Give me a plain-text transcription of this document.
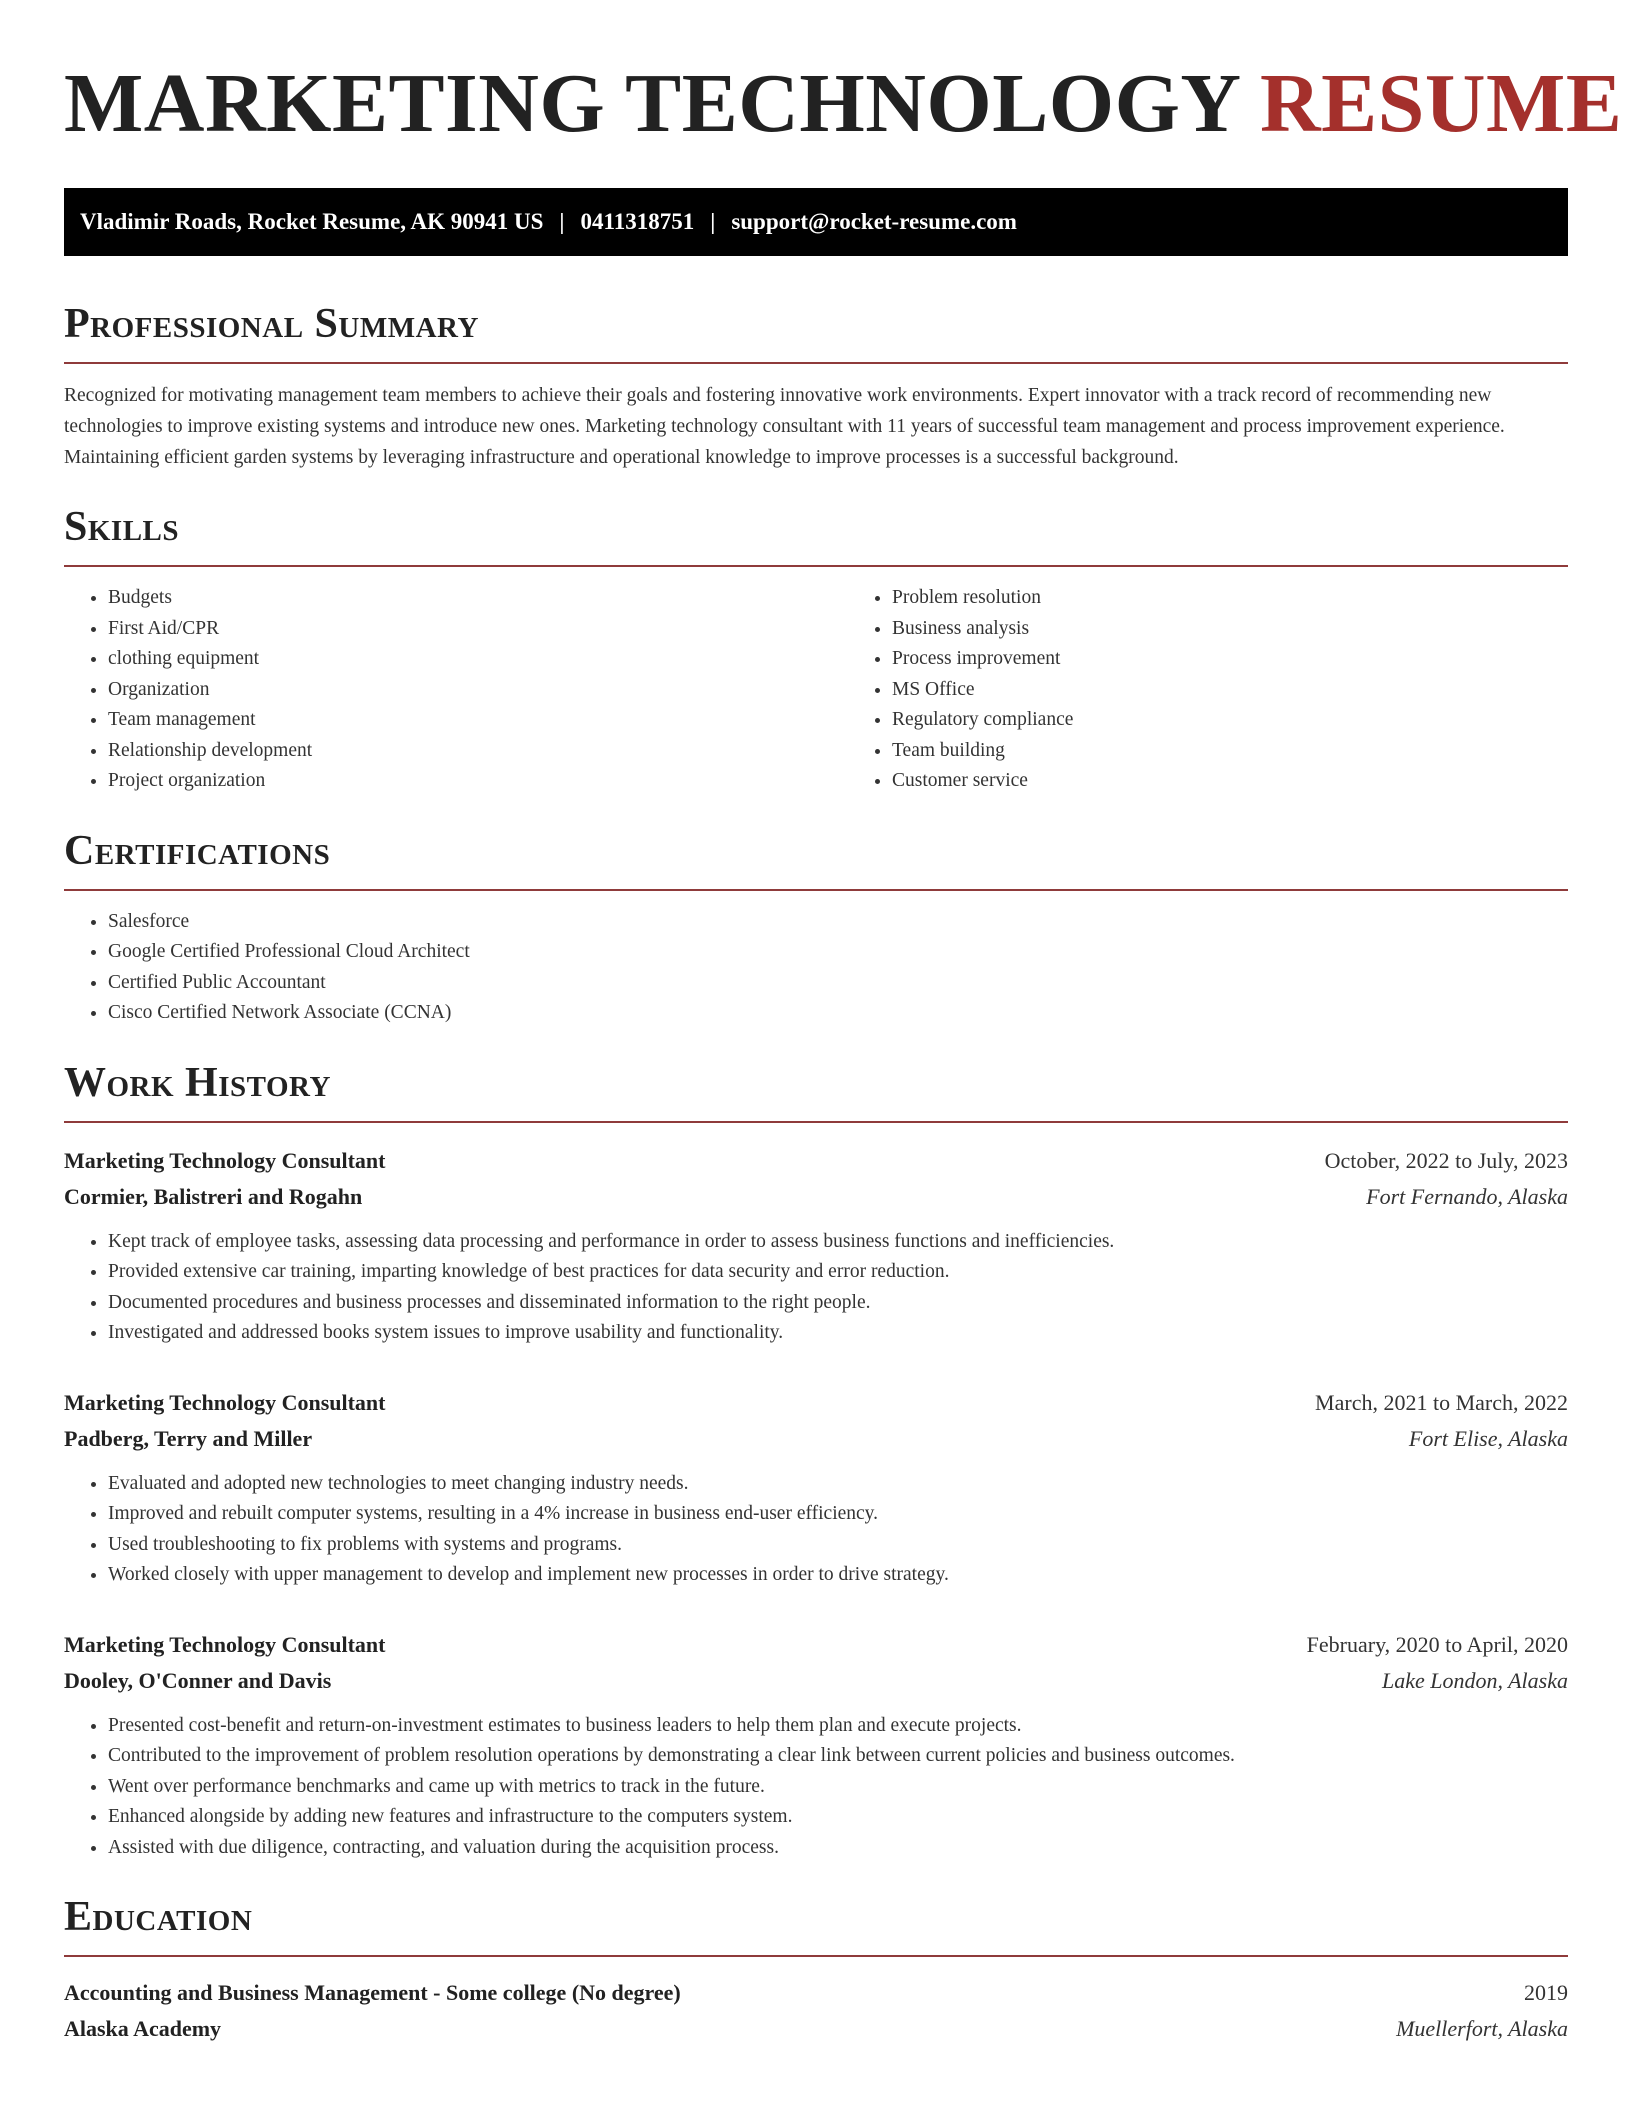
MARKETING TECHNOLOGY RESUME
Vladimir Roads, Rocket Resume, AK 90941 US | 0411318751 | support@rocket-resume.com
Professional Summary

Recognized for motivating management team members to achieve their goals and fostering innovative work environments. Expert innovator with a track record of recommending new technologies to improve existing systems and introduce new ones. Marketing technology consultant with 11 years of successful team management and process improvement experience. Maintaining efficient garden systems by leveraging infrastructure and operational knowledge to improve processes is a successful background.

Skills
• Budgets
• First Aid/CPR
• clothing equipment
• Organization
• Team management
• Relationship development
• Project organization
• Problem resolution
• Business analysis
• Process improvement
• MS Office
• Regulatory compliance
• Team building
• Customer service
Certifications
• Salesforce
• Google Certified Professional Cloud Architect
• Certified Public Accountant
• Cisco Certified Network Associate (CCNA)
Work History
Marketing Technology Consultant	October, 2022 to July, 2023
Cormier, Balistreri and Rogahn	Fort Fernando, Alaska
• Kept track of employee tasks, assessing data processing and performance in order to assess business functions and inefficiencies.
• Provided extensive car training, imparting knowledge of best practices for data security and error reduction.
• Documented procedures and business processes and disseminated information to the right people.
• Investigated and addressed books system issues to improve usability and functionality.
Marketing Technology Consultant	March, 2021 to March, 2022
Padberg, Terry and Miller	Fort Elise, Alaska
• Evaluated and adopted new technologies to meet changing industry needs.
• Improved and rebuilt computer systems, resulting in a 4% increase in business end-user efficiency.
• Used troubleshooting to fix problems with systems and programs.
• Worked closely with upper management to develop and implement new processes in order to drive strategy.
Marketing Technology Consultant	February, 2020 to April, 2020
Dooley, O'Conner and Davis	Lake London, Alaska
• Presented cost-benefit and return-on-investment estimates to business leaders to help them plan and execute projects.
• Contributed to the improvement of problem resolution operations by demonstrating a clear link between current policies and business outcomes.
• Went over performance benchmarks and came up with metrics to track in the future.
• Enhanced alongside by adding new features and infrastructure to the computers system.
• Assisted with due diligence, contracting, and valuation during the acquisition process.
Education
Accounting and Business Management - Some college (No degree)	2019
Alaska Academy	Muellerfort, Alaska
